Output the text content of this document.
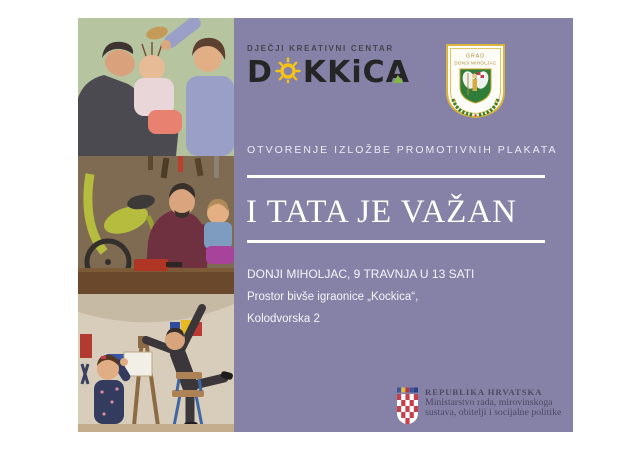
DJEČJI KREATIVNI CENTAR
D KKiC A	GRAD
DONJI MIHOLJAC
OTVORENJE IZLOŽBE PROMOTIVNIH PLAKATA
I TATA JE VAŽAN
DONJI MIHOLJAC, 9 TRAVNJA U 13 SATI
Prostor bivše igraonice „Kockica“,
Kolodvorska 2
REPUBLIKA HRVATSKA
Ministarstvo rada, mirovinskoga
sustava, obitelji i socijalne politike
